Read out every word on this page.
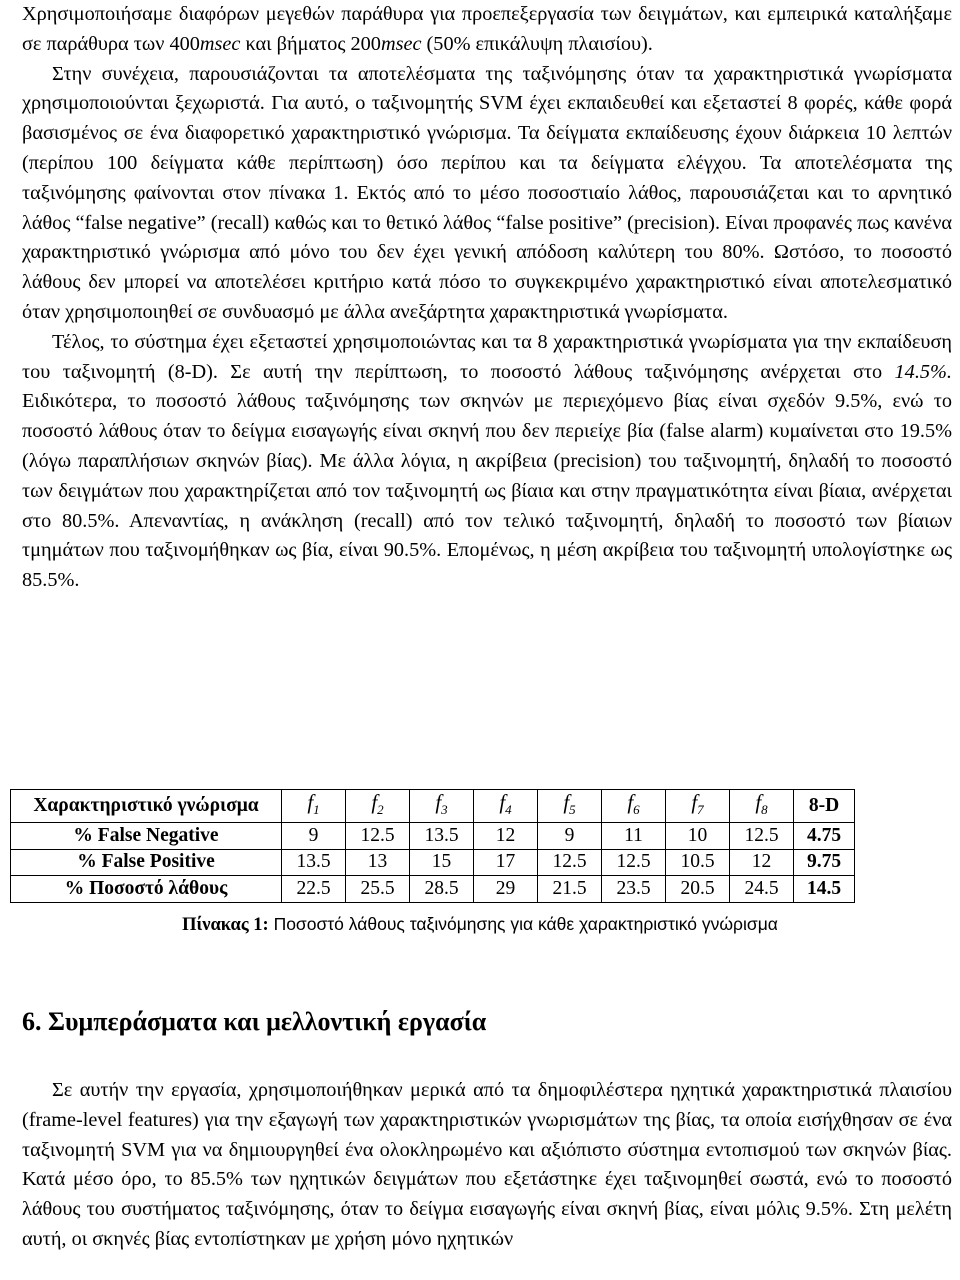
Χρησιμοποιήσαμε διαφόρων μεγεθών παράθυρα για προεπεξεργασία των δειγμάτων, και εμπειρικά καταλήξαμε σε παράθυρα των 400msec και βήματος 200msec (50% επικάλυψη πλαισίου).

Στην συνέχεια, παρουσιάζονται τα αποτελέσματα της ταξινόμησης όταν τα χαρακτηριστικά γνωρίσματα χρησιμοποιούνται ξεχωριστά. Για αυτό, ο ταξινομητής SVM έχει εκπαιδευθεί και εξεταστεί 8 φορές, κάθε φορά βασισμένος σε ένα διαφορετικό χαρακτηριστικό γνώρισμα. Τα δείγματα εκπαίδευσης έχουν διάρκεια 10 λεπτών (περίπου 100 δείγματα κάθε περίπτωση) όσο περίπου και τα δείγματα ελέγχου. Τα αποτελέσματα της ταξινόμησης φαίνονται στον πίνακα 1. Εκτός από το μέσο ποσοστιαίο λάθος, παρουσιάζεται και το αρνητικό λάθος “false negative” (recall) καθώς και το θετικό λάθος “false positive” (precision). Είναι προφανές πως κανένα χαρακτηριστικό γνώρισμα από μόνο του δεν έχει γενική απόδοση καλύτερη του 80%. Ωστόσο, το ποσοστό λάθους δεν μπορεί να αποτελέσει κριτήριο κατά πόσο το συγκεκριμένο χαρακτηριστικό είναι αποτελεσματικό όταν χρησιμοποιηθεί σε συνδυασμό με άλλα ανεξάρτητα χαρακτηριστικά γνωρίσματα.

Τέλος, το σύστημα έχει εξεταστεί χρησιμοποιώντας και τα 8 χαρακτηριστικά γνωρίσματα για την εκπαίδευση του ταξινομητή (8-D). Σε αυτή την περίπτωση, το ποσοστό λάθους ταξινόμησης ανέρχεται στο 14.5%. Ειδικότερα, το ποσοστό λάθους ταξινόμησης των σκηνών με περιεχόμενο βίας είναι σχεδόν 9.5%, ενώ το ποσοστό λάθους όταν το δείγμα εισαγωγής είναι σκηνή που δεν περιείχε βία (false alarm) κυμαίνεται στο 19.5% (λόγω παραπλήσιων σκηνών βίας). Με άλλα λόγια, η ακρίβεια (precision) του ταξινομητή, δηλαδή το ποσοστό των δειγμάτων που χαρακτηρίζεται από τον ταξινομητή ως βίαια και στην πραγματικότητα είναι βίαια, ανέρχεται στο 80.5%. Απεναντίας, η ανάκληση (recall) από τον τελικό ταξινομητή, δηλαδή το ποσοστό των βίαιων τμημάτων που ταξινομήθηκαν ως βία, είναι 90.5%. Επομένως, η μέση ακρίβεια του ταξινομητή υπολογίστηκε ως 85.5%.

Χαρακτηριστικό γνώρισμα	$f_1$	$f_2$	$f_3$	$f_4$	$f_5$	$f_6$	$f_7$	$f_8$	8-D
% False Negative	9	12.5	13.5	12	9	11	10	12.5	4.75
% False Positive	13.5	13	15	17	12.5	12.5	10.5	12	9.75
% Ποσοστό λάθους	22.5	25.5	28.5	29	21.5	23.5	20.5	24.5	14.5
Πίνακας 1: Ποσοστό λάθους ταξινόμησης για κάθε χαρακτηριστικό γνώρισμα
6. Συμπεράσματα και μελλοντική εργασία

Σε αυτήν την εργασία, χρησιμοποιήθηκαν μερικά από τα δημοφιλέστερα ηχητικά χαρακτηριστικά πλαισίου (frame-level features) για την εξαγωγή των χαρακτηριστικών γνωρισμάτων της βίας, τα οποία εισήχθησαν σε ένα ταξινομητή SVM για να δημιουργηθεί ένα ολοκληρωμένο και αξιόπιστο σύστημα εντοπισμού των σκηνών βίας. Κατά μέσο όρο, το 85.5% των ηχητικών δειγμάτων που εξετάστηκε έχει ταξινομηθεί σωστά, ενώ το ποσοστό λάθους του συστήματος ταξινόμησης, όταν το δείγμα εισαγωγής είναι σκηνή βίας, είναι μόλις 9.5%. Στη μελέτη αυτή, οι σκηνές βίας εντοπίστηκαν με χρήση μόνο ηχητικών
